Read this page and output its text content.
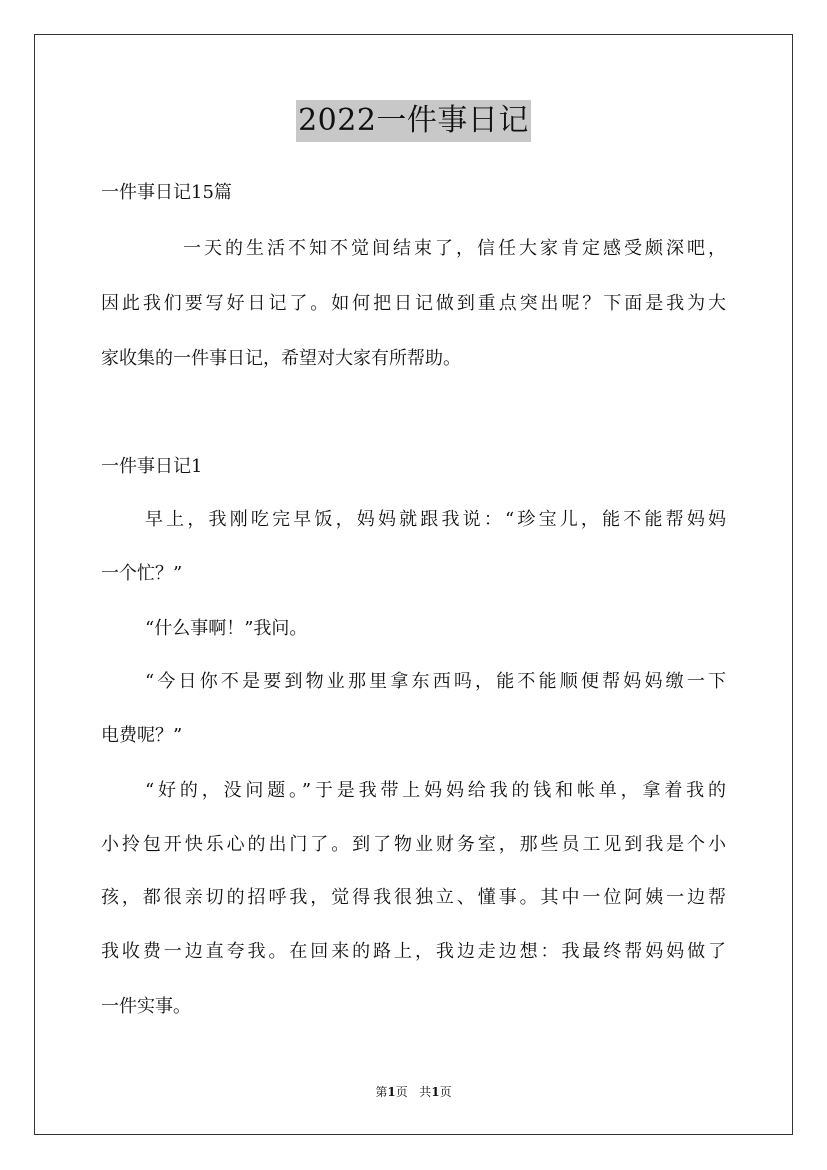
2022一件事日记
一件事日记15篇
一天的生活不知不觉间结束了，信任大家肯定感受颇深吧，
因此我们要写好日记了。如何把日记做到重点突出呢？下面是我为大
家收集的一件事日记，希望对大家有所帮助。
一件事日记1
早上，我刚吃完早饭，妈妈就跟我说：“珍宝儿，能不能帮妈妈
一个忙？”
“什么事啊！”我问。
“今日你不是要到物业那里拿东西吗，能不能顺便帮妈妈缴一下
电费呢？”
“好的，没问题。”于是我带上妈妈给我的钱和帐单，拿着我的
小拎包开快乐心的出门了。到了物业财务室，那些员工见到我是个小
孩，都很亲切的招呼我，觉得我很独立、懂事。其中一位阿姨一边帮
我收费一边直夸我。在回来的路上，我边走边想：我最终帮妈妈做了
一件实事。
第1页 共1页
